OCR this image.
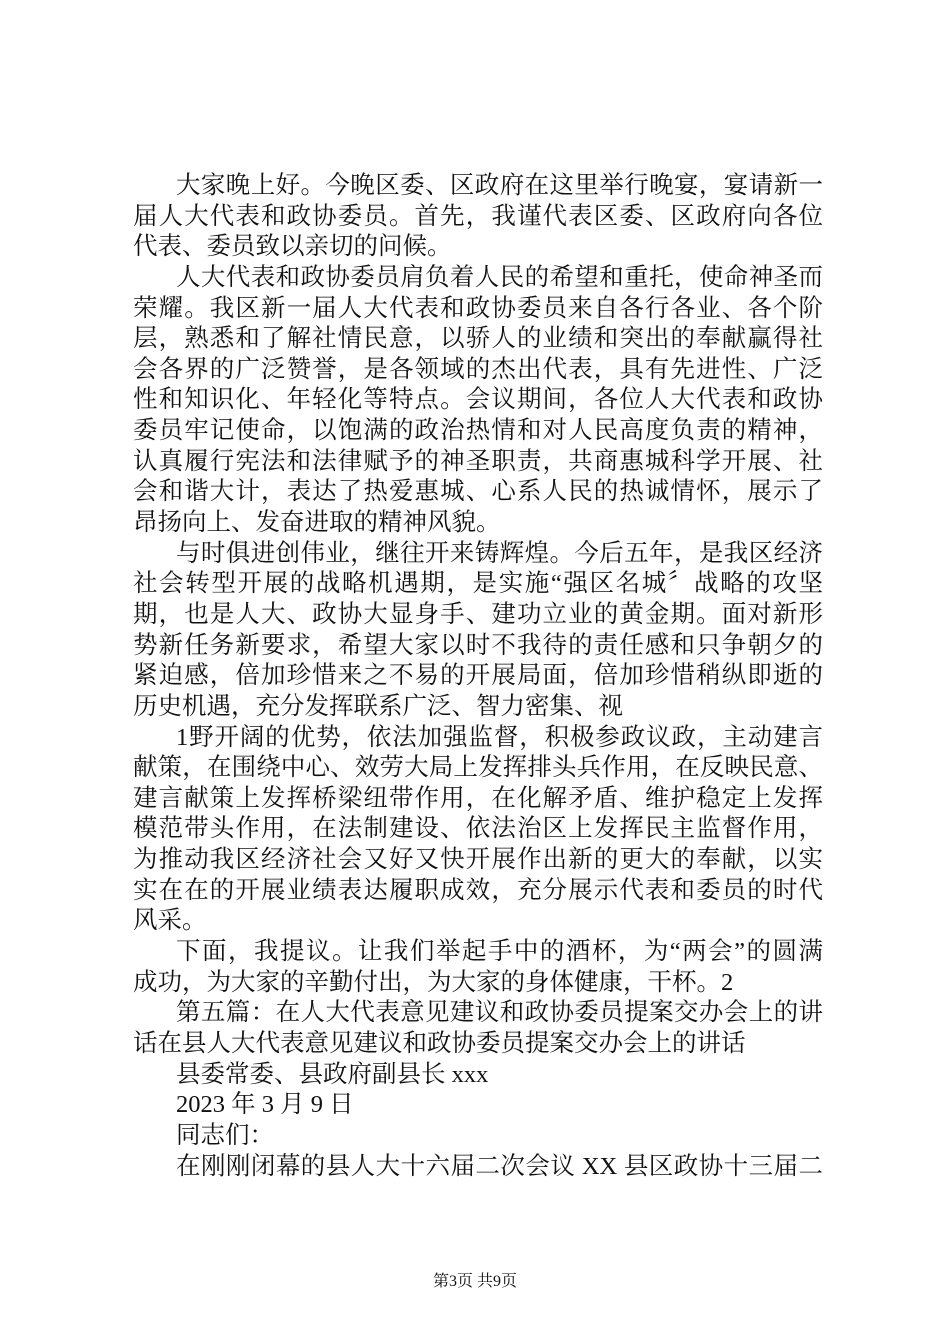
大家晚上好。今晚区委、区政府在这里举行晚宴，宴请新一
届人大代表和政协委员。首先，我谨代表区委、区政府向各位
代表、委员致以亲切的问候。
人大代表和政协委员肩负着人民的希望和重托，使命神圣而
荣耀。我区新一届人大代表和政协委员来自各行各业、各个阶
层，熟悉和了解社情民意，以骄人的业绩和突出的奉献赢得社
会各界的广泛赞誉，是各领域的杰出代表，具有先进性、广泛
性和知识化、年轻化等特点。会议期间，各位人大代表和政协
委员牢记使命，以饱满的政治热情和对人民高度负责的精神，
认真履行宪法和法律赋予的神圣职责，共商惠城科学开展、社
会和谐大计，表达了热爱惠城、心系人民的热诚情怀，展示了
昂扬向上、发奋进取的精神风貌。
与时俱进创伟业，继往开来铸辉煌。今后五年，是我区经济
社会转型开展的战略机遇期，是实施“强区名城〞战略的攻坚
期，也是人大、政协大显身手、建功立业的黄金期。面对新形
势新任务新要求，希望大家以时不我待的责任感和只争朝夕的
紧迫感，倍加珍惜来之不易的开展局面，倍加珍惜稍纵即逝的
历史机遇，充分发挥联系广泛、智力密集、视
1野开阔的优势，依法加强监督，积极参政议政，主动建言
献策，在围绕中心、效劳大局上发挥排头兵作用，在反映民意、
建言献策上发挥桥梁纽带作用，在化解矛盾、维护稳定上发挥
模范带头作用，在法制建设、依法治区上发挥民主监督作用，
为推动我区经济社会又好又快开展作出新的更大的奉献，以实
实在在的开展业绩表达履职成效，充分展示代表和委员的时代
风采。
下面，我提议。让我们举起手中的酒杯，为“两会”的圆满
成功，为大家的辛勤付出，为大家的身体健康，干杯。2
第五篇：在人大代表意见建议和政协委员提案交办会上的讲
话在县人大代表意见建议和政协委员提案交办会上的讲话
县委常委、县政府副县长 xxx
2023 年 3 月 9 日
同志们：
在刚刚闭幕的县人大十六届二次会议 XX 县区政协十三届二
第3页 共9页
